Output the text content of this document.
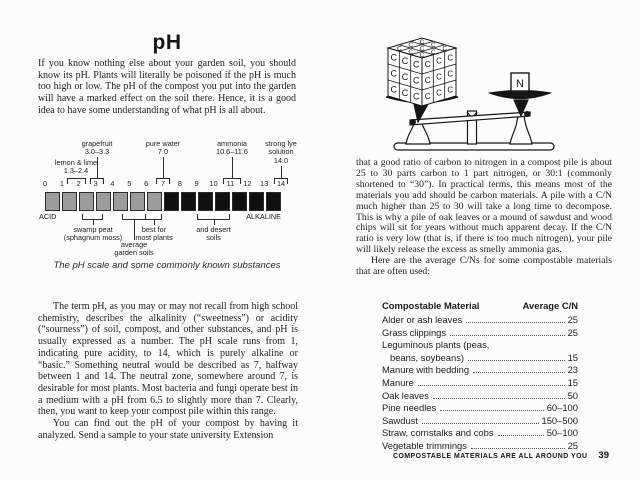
pH
If you know nothing else about your garden soil, you should know its pH. Plants will literally be poisoned if the pH is much too high or low. The pH of the compost you put into the garden will have a marked effect on the soil there. Hence, it is a good idea to have some understanding of what pH is all about.
grapefruit
3.0–3.3
pure water
7.0
ammonia
10.6–11.6
strong lye
solution
14.0
lemon & lime
1.3–2.4
0	1	2	3	4	5	6	7	8	9	10	11	12	13	14
ACID	ALKALINE
swamp peat
(sphagnum moss)
best for
most plants
average
garden soils
arid desert
soils
The pH scale and some commonly known substances

The term pH, as you may or may not recall from high school chemistry, describes the alkalinity (“sweetness”) or acidity (“sourness”) of soil, compost, and other substances, and pH is usually expressed as a number. The pH scale runs from 1, indicating pure acidity, to 14, which is purely alkaline or “basic.” Something neutral would be described as 7, halfway between 1 and 14. The neutral zone, somewhere around 7, is desirable for most plants. Most bacteria and fungi operate best in a medium with a pH from 6.5 to slightly more than 7. Clearly, then, you want to keep your compost pile within this range.

You can find out the pH of your compost by having it analyzed. Send a sample to your state university Extension

C C C
C C C
C C C
C C C
C C C
C C C
C C C
C C C
C C C
N

that a good ratio of carbon to nitrogen in a compost pile is about 25 to 30 parts carbon to 1 part nitrogen, or 30:1 (commonly shortened to “30”). In practical terms, this means most of the materials you add should be carbon materials. A pile with a C/N much higher than 25 to 30 will take a long time to decompose. This is why a pile of oak leaves or a mound of sawdust and wood chips will sit for years without much apparent decay. If the C/N ratio is very low (that is, if there is too much nitrogen), your pile will likely release the excess as smelly ammonia gas.

Here are the average C/Ns for some compostable materials that are often used:

Compostable Material	Average C/N
Alder or ash leaves	25
Grass clippings	25
Leguminous plants (peas,
beans, soybeans)	15
Manure with bedding	23
Manure	15
Oak leaves	50
Pine needles	60–100
Sawdust	150–500
Straw, cornstalks and cobs	50–100
Vegetable trimmings	25
COMPOSTABLE MATERIALS ARE ALL AROUND YOU 39
